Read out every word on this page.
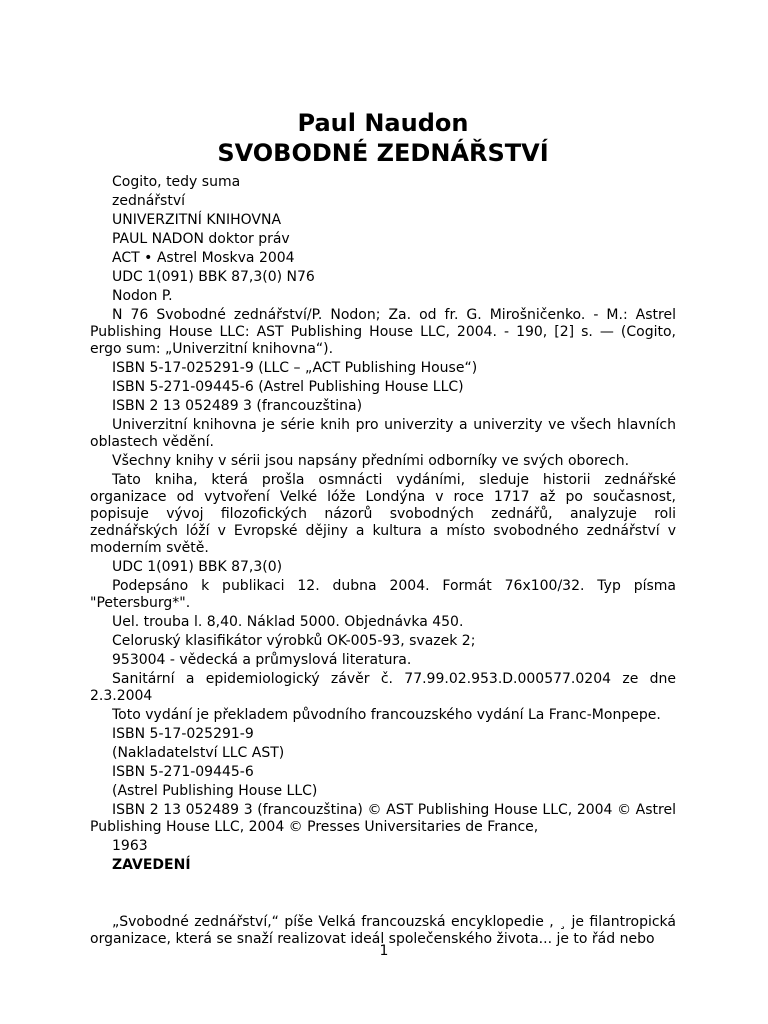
Paul Naudon
SVOBODNÉ ZEDNÁŘSTVÍ

Cogito, tedy suma

zednářství

UNIVERZITNÍ KNIHOVNA

PAUL NADON doktor práv

ACT • Astrel Moskva 2004

UDC 1(091) BBK 87,3(0) N76

Nodon P.

N 76 Svobodné zednářství/P. Nodon; Za. od fr. G. Mirošničenko. - M.: Astrel Publishing House LLC: AST Publishing House LLC, 2004. - 190, [2] s. — (Cogito, ergo sum: „Univerzitní knihovna“).

ISBN 5-17-025291-9 (LLC – „ACT Publishing House“)

ISBN 5-271-09445-6 (Astrel Publishing House LLC)

ISBN 2 13 052489 3 (francouzština)

Univerzitní knihovna je série knih pro univerzity a univerzity ve všech hlavních oblastech vědění.

Všechny knihy v sérii jsou napsány předními odborníky ve svých oborech.

Tato kniha, která prošla osmnácti vydáními, sleduje historii zednářské organizace od vytvoření Velké lóže Londýna v roce 1717 až po současnost, popisuje vývoj filozofických názorů svobodných zednářů, analyzuje roli zednářských lóží v Evropské dějiny a kultura a místo svobodného zednářství v moderním světě.

UDC 1(091) BBK 87,3(0)

Podepsáno k publikaci 12. dubna 2004. Formát 76x100/32. Typ písma "Petersburg*".

Uel. trouba l. 8,40. Náklad 5000. Objednávka 450.

Celoruský klasifikátor výrobků OK-005-93, svazek 2;

953004 - vědecká a průmyslová literatura.

Sanitární a epidemiologický závěr č. 77.99.02.953.D.000577.0204 ze dne 2.3.2004

Toto vydání je překladem původního francouzského vydání La Franc-Monpepe.

ISBN 5-17-025291-9

(Nakladatelství LLC AST)

ISBN 5-271-09445-6

(Astrel Publishing House LLC)

ISBN 2 13 052489 3 (francouzština) © AST Publishing House LLC, 2004 © Astrel Publishing House LLC, 2004 © Presses Universitaries de France,

1963

ZAVEDENÍ

„Svobodné zednářství,“ píše Velká francouzská encyklopedie , ¸ je filantropická organizace, která se snaží realizovat ideál společenského života... je to řád nebo

1
